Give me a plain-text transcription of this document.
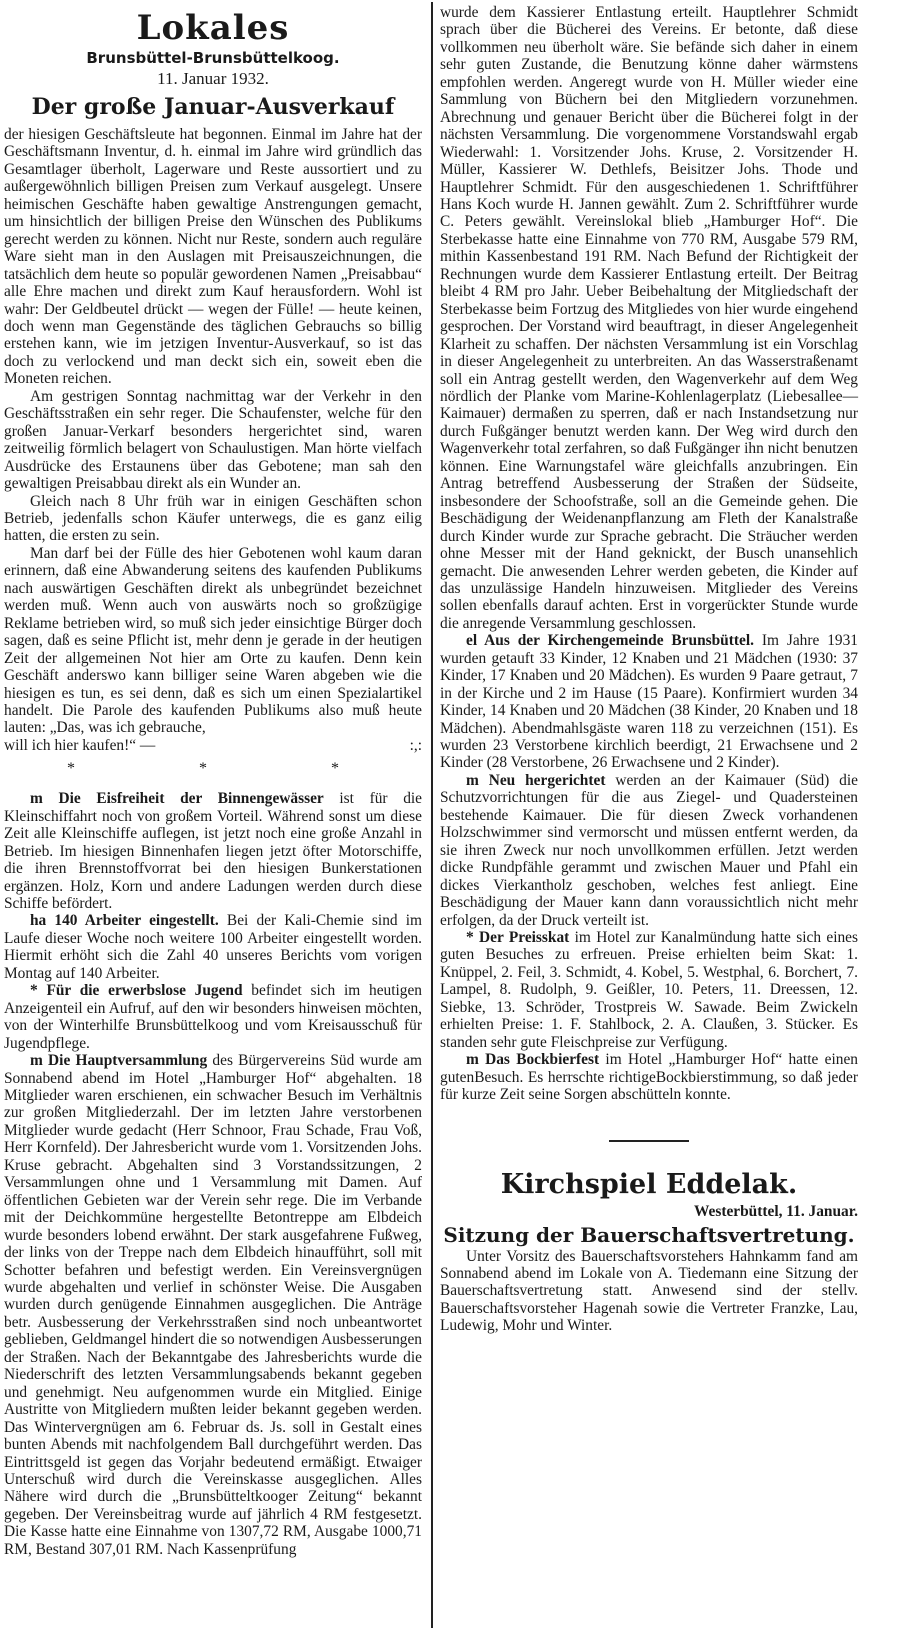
Lokales
Brunsbüttel-Brunsbüttelkoog.
11. Januar 1932.
Der große Januar-Ausverkauf

der hiesigen Geschäftsleute hat begonnen. Einmal im Jahre hat der Geschäftsmann Inventur, d. h. einmal im Jahre wird gründlich das Gesamtlager überholt, Lagerware und Reste aussortiert und zu außergewöhnlich billigen Preisen zum Verkauf ausgelegt. Unsere heimischen Geschäfte haben gewaltige Anstrengungen gemacht, um hinsichtlich der billigen Preise den Wünschen des Publikums gerecht werden zu können. Nicht nur Reste, sondern auch reguläre Ware sieht man in den Auslagen mit Preisauszeichnungen, die tatsächlich dem heute so populär gewordenen Namen „Preisabbau“ alle Ehre machen und direkt zum Kauf herausfordern. Wohl ist wahr: Der Geldbeutel drückt — wegen der Fülle! — heute keinen, doch wenn man Gegenstände des täglichen Gebrauchs so billig erstehen kann, wie im jetzigen Inventur-Ausverkauf, so ist das doch zu verlockend und man deckt sich ein, soweit eben die Moneten reichen.

Am gestrigen Sonntag nachmittag war der Verkehr in den Geschäftsstraßen ein sehr reger. Die Schaufenster, welche für den großen Januar-Verkarf besonders hergerichtet sind, waren zeitweilig förmlich belagert von Schaulustigen. Man hörte vielfach Ausdrücke des Erstaunens über das Gebotene; man sah den gewaltigen Preisabbau direkt als ein Wunder an.

Gleich nach 8 Uhr früh war in einigen Geschäften schon Betrieb, jedenfalls schon Käufer unterwegs, die es ganz eilig hatten, die ersten zu sein.

Man darf bei der Fülle des hier Gebotenen wohl kaum daran erinnern, daß eine Abwanderung seitens des kaufenden Publikums nach auswärtigen Geschäften direkt als unbegründet bezeichnet werden muß. Wenn auch von auswärts noch so großzügige Reklame betrieben wird, so muß sich jeder einsichtige Bürger doch sagen, daß es seine Pflicht ist, mehr denn je gerade in der heutigen Zeit der allgemeinen Not hier am Orte zu kaufen. Denn kein Geschäft anderswo kann billiger seine Waren abgeben wie die hiesigen es tun, es sei denn, daß es sich um einen Spezialartikel handelt. Die Parole des kaufenden Publikums also muß heute lauten: „Das, was ich gebrauche,

will ich hier kaufen!“ —	:,:
* * *

m Die Eisfreiheit der Binnengewässer ist für die Kleinschiffahrt noch von großem Vorteil. Während sonst um diese Zeit alle Kleinschiffe auflegen, ist jetzt noch eine große Anzahl in Betrieb. Im hiesigen Binnenhafen liegen jetzt öfter Motorschiffe, die ihren Brennstoffvorrat bei den hiesigen Bunkerstationen ergänzen. Holz, Korn und andere Ladungen werden durch diese Schiffe befördert.

ha 140 Arbeiter eingestellt. Bei der Kali-Chemie sind im Laufe dieser Woche noch weitere 100 Arbeiter eingestellt worden. Hiermit erhöht sich die Zahl 40 unseres Berichts vom vorigen Montag auf 140 Arbeiter.

* Für die erwerbslose Jugend befindet sich im heutigen Anzeigenteil ein Aufruf, auf den wir besonders hinweisen möchten, von der Winterhilfe Brunsbüttelkoog und vom Kreisausschuß für Jugendpflege.

m Die Hauptversammlung des Bürgervereins Süd wurde am Sonnabend abend im Hotel „Hamburger Hof“ abgehalten. 18 Mitglieder waren erschienen, ein schwacher Besuch im Verhältnis zur großen Mitgliederzahl. Der im letzten Jahre verstorbenen Mitglieder wurde gedacht (Herr Schnoor, Frau Schade, Frau Voß, Herr Kornfeld). Der Jahresbericht wurde vom 1. Vorsitzenden Johs. Kruse gebracht. Abgehalten sind 3 Vorstandssitzungen, 2 Versammlungen ohne und 1 Versammlung mit Damen. Auf öffentlichen Gebieten war der Verein sehr rege. Die im Verbande mit der Deichkommüne hergestellte Betontreppe am Elbdeich wurde besonders lobend erwähnt. Der stark ausgefahrene Fußweg, der links von der Treppe nach dem Elbdeich hinaufführt, soll mit Schotter befahren und befestigt werden. Ein Vereinsvergnügen wurde abgehalten und verlief in schönster Weise. Die Ausgaben wurden durch genügende Einnahmen ausgeglichen. Die Anträge betr. Ausbesserung der Verkehrsstraßen sind noch unbeantwortet geblieben, Geldmangel hindert die so notwendigen Ausbesserungen der Straßen. Nach der Bekanntgabe des Jahresberichts wurde die Niederschrift des letzten Versammlungsabends bekannt gegeben und genehmigt. Neu aufgenommen wurde ein Mitglied. Einige Austritte von Mitgliedern mußten leider bekannt gegeben werden. Das Wintervergnügen am 6. Februar ds. Js. soll in Gestalt eines bunten Abends mit nachfolgendem Ball durchgeführt werden. Das Eintrittsgeld ist gegen das Vorjahr bedeutend ermäßigt. Etwaiger Unterschuß wird durch die Vereinskasse ausgeglichen. Alles Nähere wird durch die „Brunsbütteltkooger Zeitung“ bekannt gegeben. Der Vereinsbeitrag wurde auf jährlich 4 RM festgesetzt. Die Kasse hatte eine Einnahme von 1307,72 RM, Ausgabe 1000,71 RM, Bestand 307,01 RM. Nach Kassenprüfung

wurde dem Kassierer Entlastung erteilt. Hauptlehrer Schmidt sprach über die Bücherei des Vereins. Er betonte, daß diese vollkommen neu überholt wäre. Sie befände sich daher in einem sehr guten Zustande, die Benutzung könne daher wärmstens empfohlen werden. Angeregt wurde von H. Müller wieder eine Sammlung von Büchern bei den Mitgliedern vorzunehmen. Abrechnung und genauer Bericht über die Bücherei folgt in der nächsten Versammlung. Die vorgenommene Vorstandswahl ergab Wiederwahl: 1. Vorsitzender Johs. Kruse, 2. Vorsitzender H. Müller, Kassierer W. Dethlefs, Beisitzer Johs. Thode und Hauptlehrer Schmidt. Für den ausgeschiedenen 1. Schriftführer Hans Koch wurde H. Jannen gewählt. Zum 2. Schriftführer wurde C. Peters gewählt. Vereinslokal blieb „Hamburger Hof“. Die Sterbekasse hatte eine Einnahme von 770 RM, Ausgabe 579 RM, mithin Kassenbestand 191 RM. Nach Befund der Richtigkeit der Rechnungen wurde dem Kassierer Entlastung erteilt. Der Beitrag bleibt 4 RM pro Jahr. Ueber Beibehaltung der Mitgliedschaft der Sterbekasse beim Fortzug des Mitgliedes von hier wurde eingehend gesprochen. Der Vorstand wird beauftragt, in dieser Angelegenheit Klarheit zu schaffen. Der nächsten Versammlung ist ein Vorschlag in dieser Angelegenheit zu unterbreiten. An das Wasserstraßenamt soll ein Antrag gestellt werden, den Wagenverkehr auf dem Weg nördlich der Planke vom Marine-Kohlenlagerplatz (Liebesallee—Kaimauer) dermaßen zu sperren, daß er nach Instandsetzung nur durch Fußgänger benutzt werden kann. Der Weg wird durch den Wagenverkehr total zerfahren, so daß Fußgänger ihn nicht benutzen können. Eine Warnungstafel wäre gleichfalls anzubringen. Ein Antrag betreffend Ausbesserung der Straßen der Südseite, insbesondere der Schoofstraße, soll an die Gemeinde gehen. Die Beschädigung der Weidenanpflanzung am Fleth der Kanalstraße durch Kinder wurde zur Sprache gebracht. Die Sträucher werden ohne Messer mit der Hand geknickt, der Busch unansehlich gemacht. Die anwesenden Lehrer werden gebeten, die Kinder auf das unzulässige Handeln hinzuweisen. Mitglieder des Vereins sollen ebenfalls darauf achten. Erst in vorgerückter Stunde wurde die anregende Versammlung geschlossen.

el Aus der Kirchengemeinde Brunsbüttel. Im Jahre 1931 wurden getauft 33 Kinder, 12 Knaben und 21 Mädchen (1930: 37 Kinder, 17 Knaben und 20 Mädchen). Es wurden 9 Paare getraut, 7 in der Kirche und 2 im Hause (15 Paare). Konfirmiert wurden 34 Kinder, 14 Knaben und 20 Mädchen (38 Kinder, 20 Knaben und 18 Mädchen). Abendmahlsgäste waren 118 zu verzeichnen (151). Es wurden 23 Verstorbene kirchlich beerdigt, 21 Erwachsene und 2 Kinder (28 Verstorbene, 26 Erwachsene und 2 Kinder).

m Neu hergerichtet werden an der Kaimauer (Süd) die Schutzvorrichtungen für die aus Ziegel- und Quadersteinen bestehende Kaimauer. Die für diesen Zweck vorhandenen Holzschwimmer sind vermorscht und müssen entfernt werden, da sie ihren Zweck nur noch unvollkommen erfüllen. Jetzt werden dicke Rundpfähle gerammt und zwischen Mauer und Pfahl ein dickes Vierkantholz geschoben, welches fest anliegt. Eine Beschädigung der Mauer kann dann voraussichtlich nicht mehr erfolgen, da der Druck verteilt ist.

* Der Preisskat im Hotel zur Kanalmündung hatte sich eines guten Besuches zu erfreuen. Preise erhielten beim Skat: 1. Knüppel, 2. Feil, 3. Schmidt, 4. Kobel, 5. Westphal, 6. Borchert, 7. Lampel, 8. Rudolph, 9. Geißler, 10. Peters, 11. Dreessen, 12. Siebke, 13. Schröder, Trostpreis W. Sawade. Beim Zwickeln erhielten Preise: 1. F. Stahlbock, 2. A. Claußen, 3. Stücker. Es standen sehr gute Fleischpreise zur Verfügung.

m Das Bockbierfest im Hotel „Hamburger Hof“ hatte einen gutenBesuch. Es herrschte richtigeBockbierstimmung, so daß jeder für kurze Zeit seine Sorgen abschütteln konnte.

Kirchspiel Eddelak.
Westerbüttel, 11. Januar.
Sitzung der Bauerschaftsvertretung.

Unter Vorsitz des Bauerschaftsvorstehers Hahnkamm fand am Sonnabend abend im Lokale von A. Tiedemann eine Sitzung der Bauerschaftsvertretung statt. Anwesend sind der stellv. Bauerschaftsvorsteher Hagenah sowie die Vertreter Franzke, Lau, Ludewig, Mohr und Winter.
